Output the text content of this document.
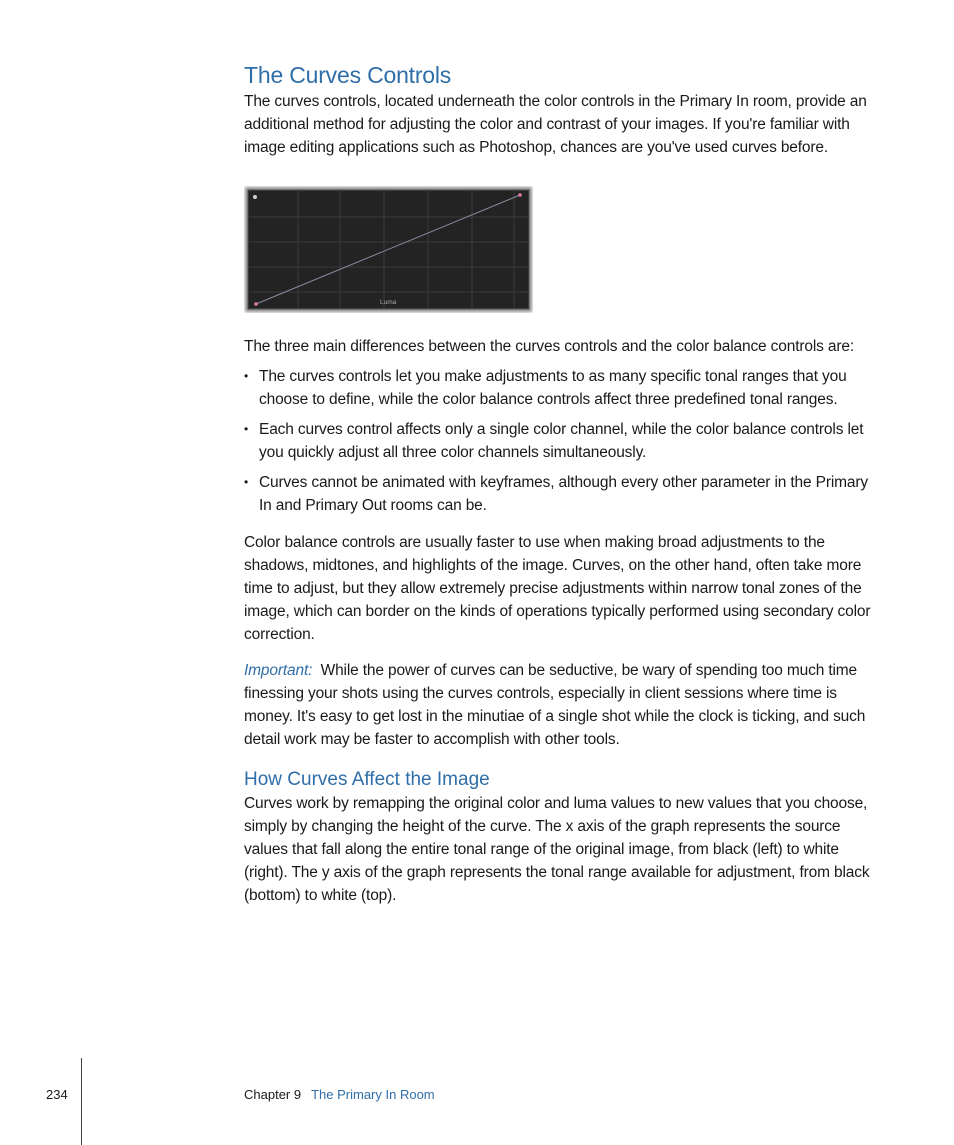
The Curves Controls

The curves controls, located underneath the color controls in the Primary In room, provide an additional method for adjusting the color and contrast of your images. If you're familiar with image editing applications such as Photoshop, chances are you've used curves before.

Luma

The three main differences between the curves controls and the color balance controls are:

• The curves controls let you make adjustments to as many specific tonal ranges that you choose to define, while the color balance controls affect three predefined tonal ranges.
• Each curves control affects only a single color channel, while the color balance controls let you quickly adjust all three color channels simultaneously.
• Curves cannot be animated with keyframes, although every other parameter in the Primary In and Primary Out rooms can be.

Color balance controls are usually faster to use when making broad adjustments to the shadows, midtones, and highlights of the image. Curves, on the other hand, often take more time to adjust, but they allow extremely precise adjustments within narrow tonal zones of the image, which can border on the kinds of operations typically performed using secondary color correction.

Important: While the power of curves can be seductive, be wary of spending too much time finessing your shots using the curves controls, especially in client sessions where time is money. It's easy to get lost in the minutiae of a single shot while the clock is ticking, and such detail work may be faster to accomplish with other tools.

How Curves Affect the Image

Curves work by remapping the original color and luma values to new values that you choose, simply by changing the height of the curve. The x axis of the graph represents the source values that fall along the entire tonal range of the original image, from black (left) to white (right). The y axis of the graph represents the tonal range available for adjustment, from black (bottom) to white (top).

234	Chapter 9 The Primary In Room
